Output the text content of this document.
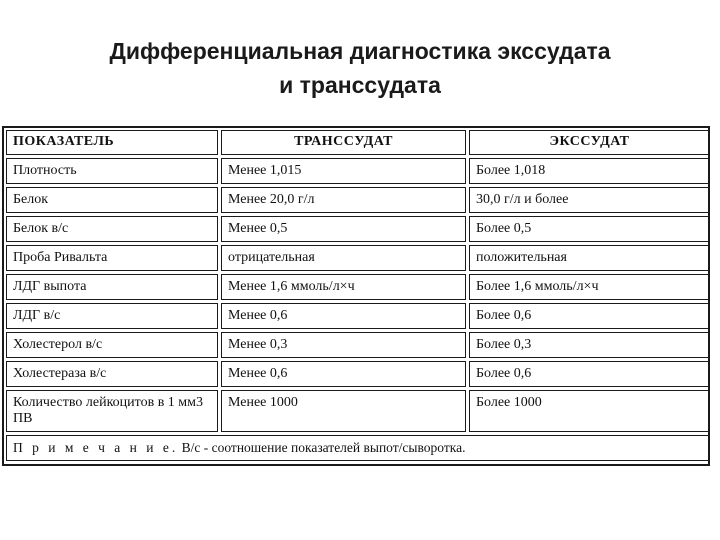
Дифференциальная диагностика экссудата
и транссудата
ПОКАЗАТЕЛЬ	ТРАНССУДАТ	ЭКССУДАТ
Плотность	Менее 1,015	Более 1,018
Белок	Менее 20,0 г/л	30,0 г/л и более
Белок в/с	Менее 0,5	Более 0,5
Проба Ривальта	отрицательная	положительная
ЛДГ выпота	Менее 1,6 ммоль/л×ч	Более 1,6 ммоль/л×ч
ЛДГ в/с	Менее 0,6	Более 0,6
Холестерол в/с	Менее 0,3	Более 0,3
Холестераза в/с	Менее 0,6	Более 0,6
Количество лейкоцитов в 1 мм3 ПВ	Менее 1000	Более 1000
П р и м е ч а н и е. В/с - соотношение показателей выпот/сыворотка.		
